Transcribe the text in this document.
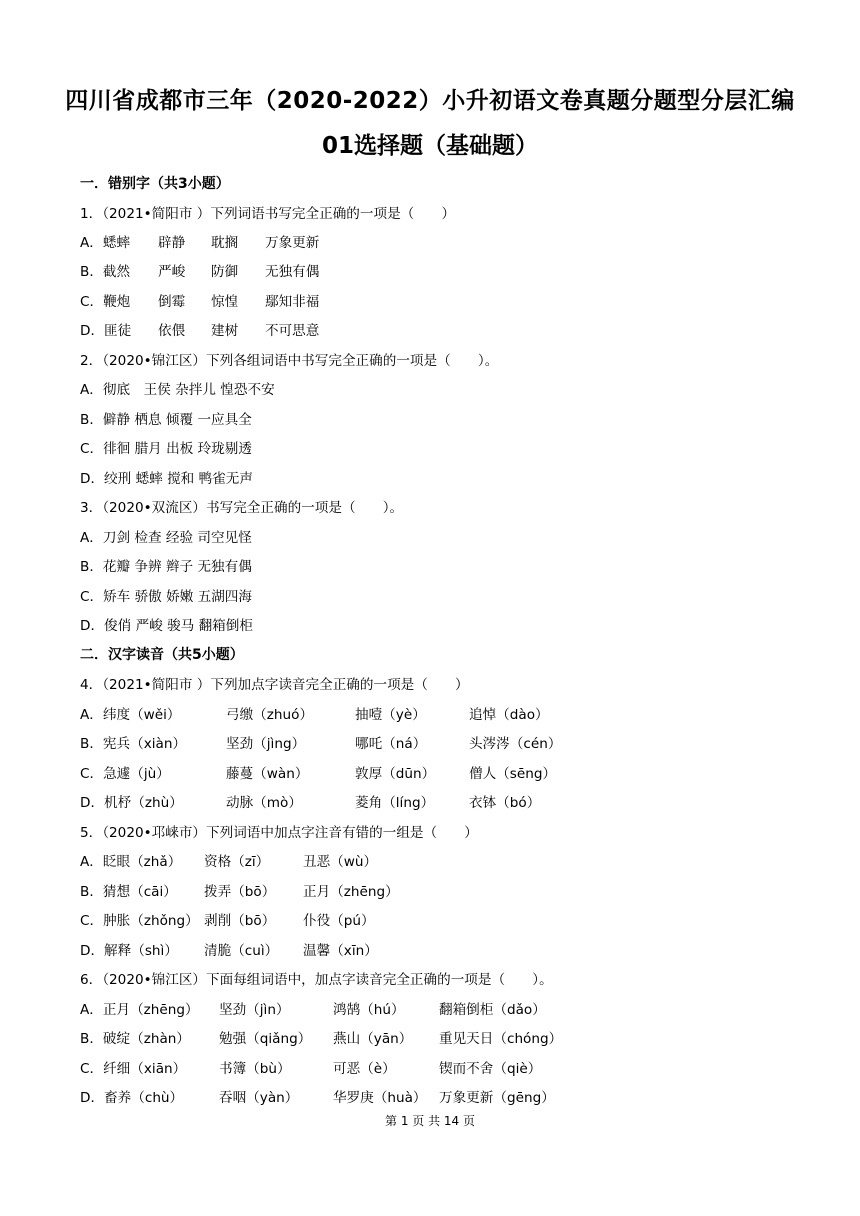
四川省成都市三年（2020-2022）小升初语文卷真题分题型分层汇编
01选择题（基础题）
一．错别字（共3小题）
1．（2021•简阳市 ）下列词语书写完全正确的一项是（　　）
A．蟋蟀 辟静 耽搁 万象更新
B．截然 严峻 防御 无独有偶
C．鞭炮 倒霉 惊惶 鄢知非福
D．匪徒 依偎 建树 不可思意
2．（2020•锦江区）下列各组词语中书写完全正确的一项是（　　）。
A．彻底　王侯 杂拌儿 惶恐不安
B．僻静 栖息 倾覆 一应具全
C．徘徊 腊月 出板 玲珑剔透
D．绞刑 蟋蟀 搅和 鸭雀无声
3．（2020•双流区）书写完全正确的一项是（　　）。
A．刀剑 检查 经验 司空见怪
B．花瓣 争辨 辫子 无独有偶
C．矫车 骄傲 娇嫩 五湖四海
D．俊俏 严峻 骏马 翻箱倒柜
二．汉字读音（共5小题）
4．（2021•简阳市 ）下列加点字读音完全正确的一项是（　　）
A．纬度（wěi）	弓缴（zhuó）	抽噎（yè）	追悼（dào）
B．宪兵（xiàn）	坚劲（jìng）	哪吒（ná）	头涔涔（cén）
C．急遽（jù）	藤蔓（wàn）	敦厚（dūn） 僧人（sēng）
D．机杼（zhù）	动脉（mò）	菱角（líng）	衣钵（bó）
5．（2020•邛崃市）下列词语中加点字注音有错的一组是（　　）
A．眨眼（zhǎ） 资格（zī） 丑恶（wù）
B．猜想（cāi） 拨弄（bō） 正月（zhēng）
C．肿胀（zhǒng） 剥削（bō） 仆役（pú）
D．解释（shì） 清脆（cuì） 温馨（xīn）
6．（2020•锦江区）下面每组词语中，加点字读音完全正确的一项是（　　）。
A．正月（zhēng） 坚劲（jìn）	鸿鹄（hú）	翻箱倒柜（dǎo）
B．破绽（zhàn） 勉强（qiǎng） 燕山（yān） 重见天日（chóng）
C．纤细（xiān） 书簿（bù）	可恶（è）	锲而不舍（qiè）
D．畜养（chù）	吞咽（yàn）	华罗庚（huà） 万象更新（gēng）
第 1 页 共 14 页
